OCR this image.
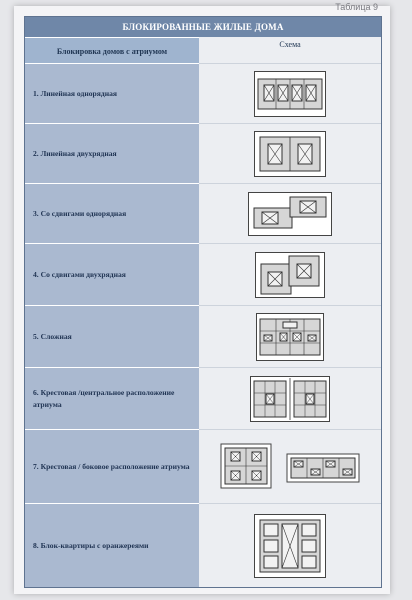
Таблица 9
БЛОКИРОВАННЫЕ ЖИЛЫЕ ДОМА
Блокировка домов с атриумом
Схема
1. Линейная однорядная
2. Линейная двухрядная
3. Со сдвигами однорядная
4. Со сдвигами двухрядная
5. Сложная
6. Крестовая /центральное расположение атриума
7. Крестовая / боковое расположение атриума
8. Блок-квартиры с оранжереями
